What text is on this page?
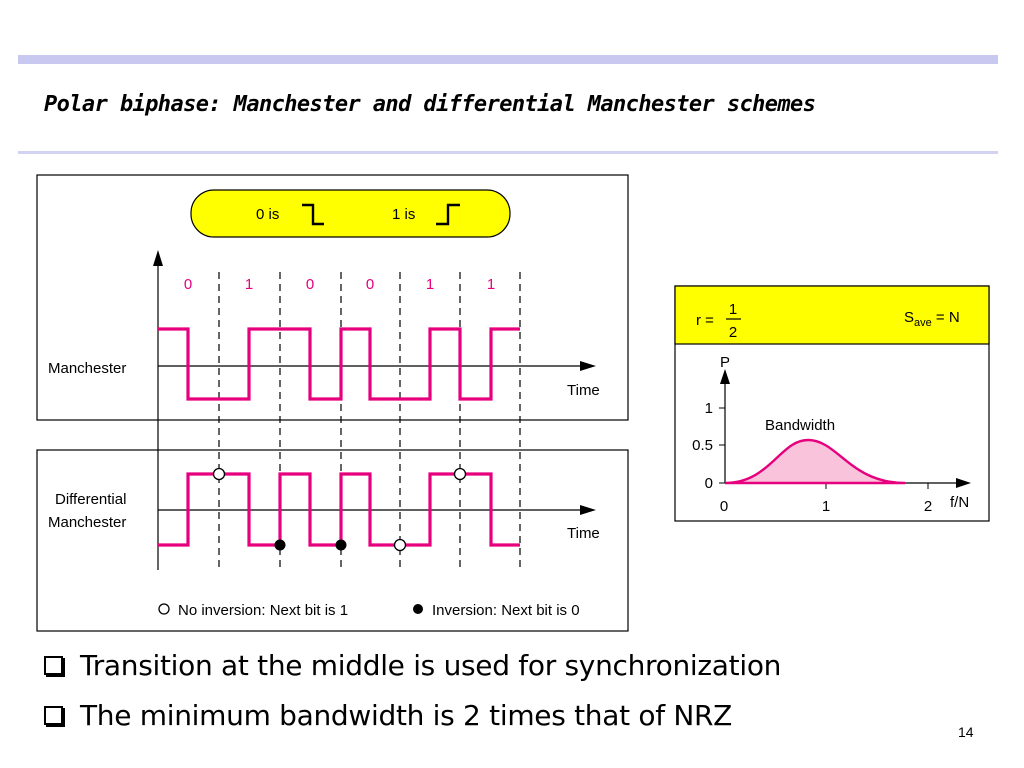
Polar biphase: Manchester and differential Manchester schemes
0 is	1 is
0	1	0	0	1	1
Manchester
Differential
Manchester
Time
Time
No inversion: Next bit is 1	Inversion: Next bit is 0
r =
1
2
$S_{ave} = N$
P
f/N
1
0.5
0
0	1	2
Bandwidth
Transition at the middle is used for synchronization
The minimum bandwidth is 2 times that of NRZ
14
